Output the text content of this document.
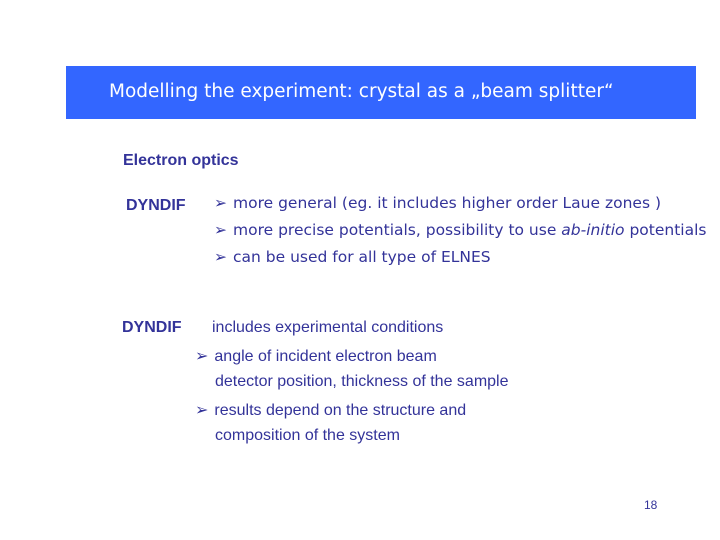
Modelling the experiment: crystal as a „beam splitter“
Electron optics
DYNDIF ➢ more general (eg. it includes higher order Laue zones )
➢ more precise potentials, possibility to use ab-initio potentials
➢ can be used for all type of ELNES
DYNDIF includes experimental conditions
➢ angle of incident electron beam
detector position, thickness of the sample
➢ results depend on the structure and
composition of the system
18
